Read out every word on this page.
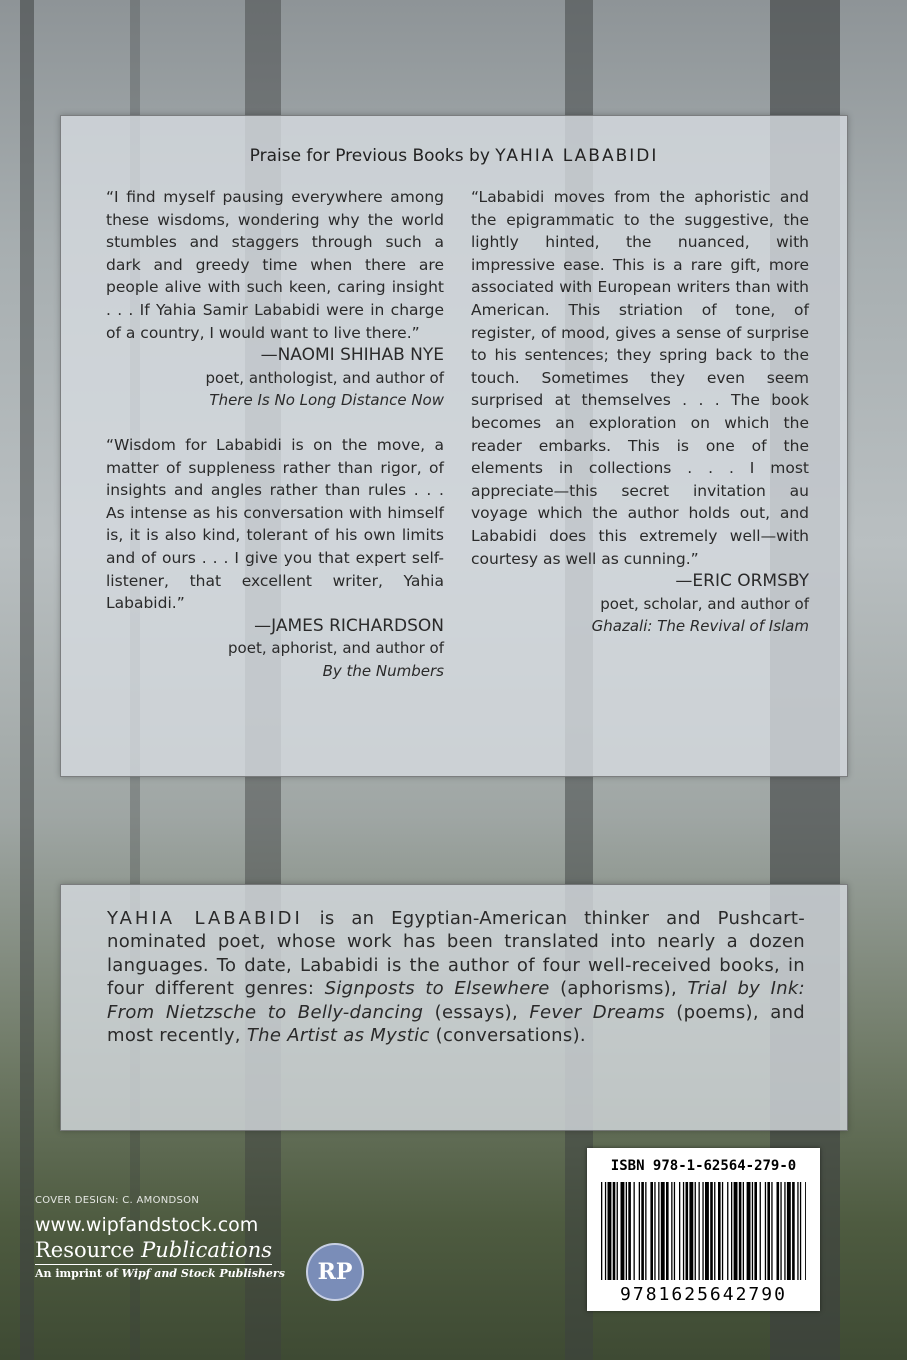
Praise for Previous Books by YAHIA LABABIDI

“I find myself pausing everywhere among these wisdoms, wondering why the world stumbles and staggers through such a dark and greedy time when there are people alive with such keen, caring insight . . . If Yahia Samir Lababidi were in charge of a country, I would want to live there.”

—NAOMI SHIHAB NYE
poet, anthologist, and author of
There Is No Long Distance Now

“Wisdom for Lababidi is on the move, a matter of suppleness rather than rigor, of insights and angles rather than rules . . . As intense as his conversation with himself is, it is also kind, tolerant of his own limits and of ours . . . I give you that expert self-listener, that excellent writer, Yahia Lababidi.”

—JAMES RICHARDSON
poet, aphorist, and author of
By the Numbers

“Lababidi moves from the aphoristic and the epigrammatic to the suggestive, the lightly hinted, the nuanced, with impressive ease. This is a rare gift, more associated with European writers than with American. This striation of tone, of register, of mood, gives a sense of surprise to his sentences; they spring back to the touch. Sometimes they even seem surprised at themselves . . . The book becomes an exploration on which the reader embarks. This is one of the elements in collections . . . I most appreciate—this secret invitation au voyage which the author holds out, and Lababidi does this extremely well—with courtesy as well as cunning.”

—ERIC ORMSBY
poet, scholar, and author of
Ghazali: The Revival of Islam
YAHIA LABABIDI is an Egyptian-American thinker and Pushcart-nominated poet, whose work has been translated into nearly a dozen languages. To date, Lababidi is the author of four well-received books, in four different genres: Signposts to Elsewhere (aphorisms), Trial by Ink: From Nietzsche to Belly-dancing (essays), Fever Dreams (poems), and most recently, The Artist as Mystic (conversations).
COVER DESIGN: C. AMONDSON
www.wipfandstock.com
Resource Publications
An imprint of Wipf and Stock Publishers	RP
ISBN 978-1-62564-279-0
9781625642790
